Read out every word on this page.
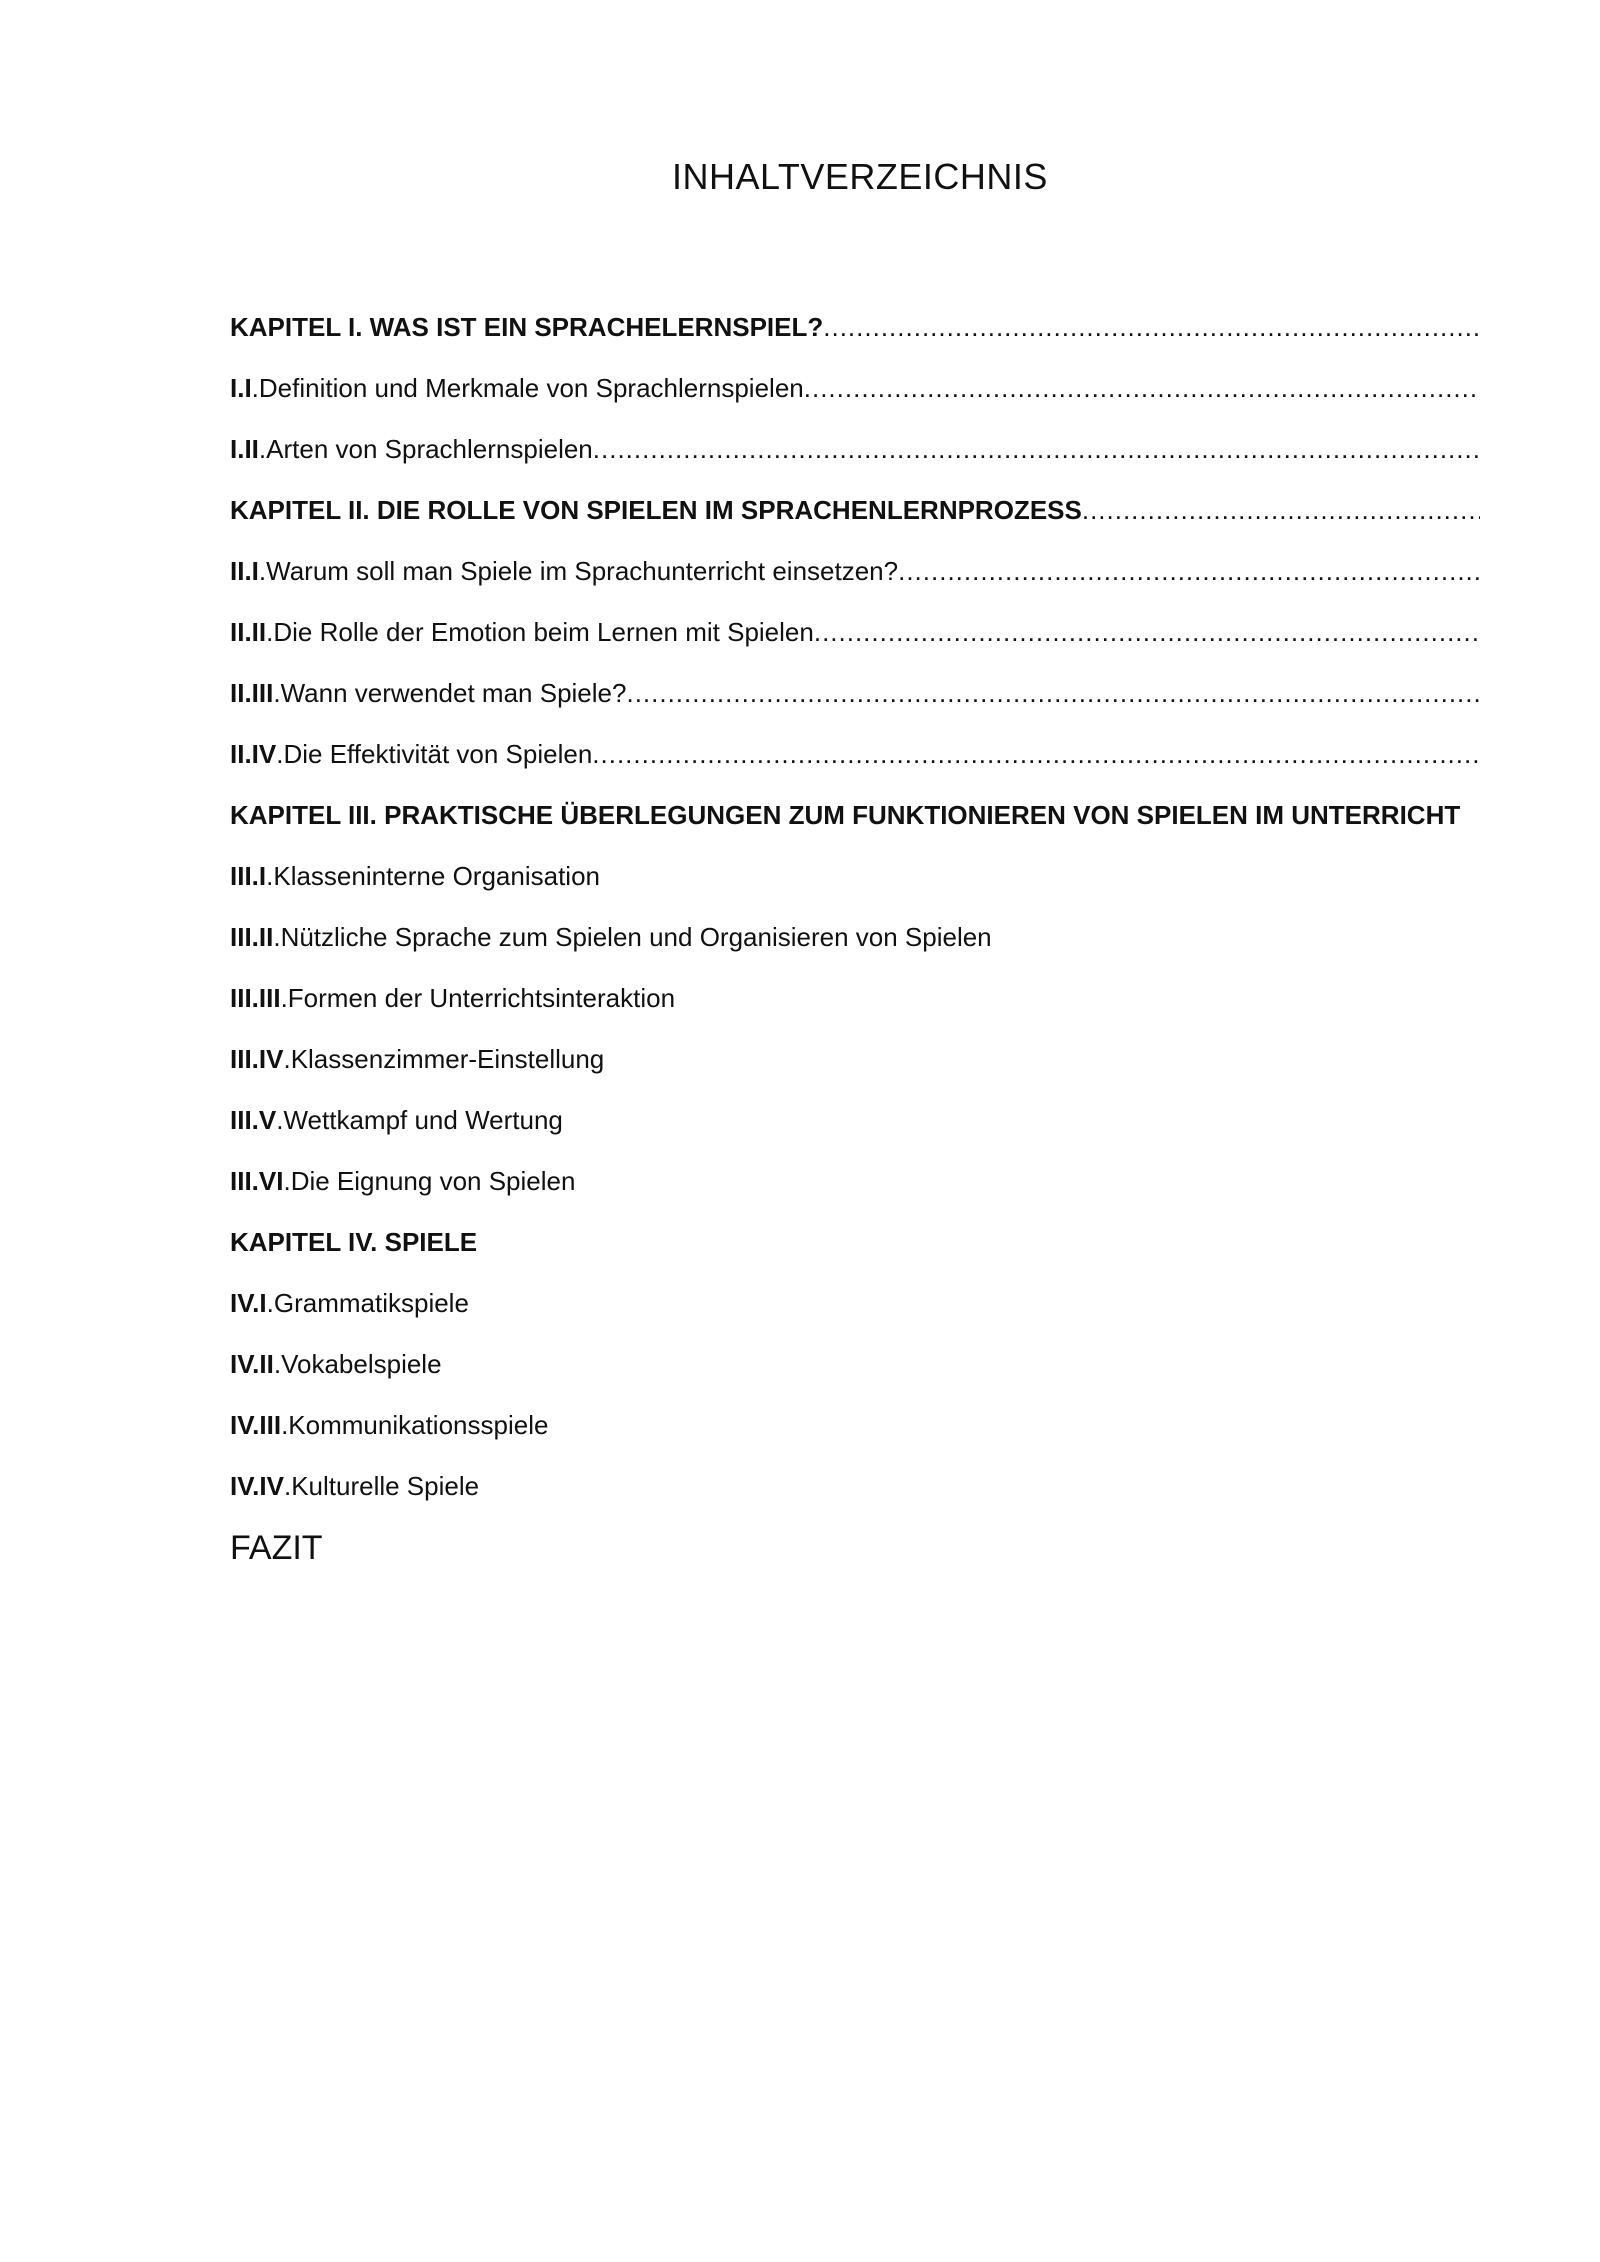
INHALTVERZEICHNIS
KAPITEL I. WAS IST EIN SPRACHELERNSPIEL?
.....
I.I .Definition und Merkmale von Sprachlernspielen
.....
I.II .Arten von Sprachlernspielen
.....
KAPITEL II. DIE ROLLE VON SPIELEN IM SPRACHENLERNPROZESS
.....
II.I .Warum soll man Spiele im Sprachunterricht einsetzen?
.....
II.II .Die Rolle der Emotion beim Lernen mit Spielen
.....
II.III .Wann verwendet man Spiele?
.....
II.IV .Die Effektivität von Spielen
.....
KAPITEL III. PRAKTISCHE ÜBERLEGUNGEN ZUM FUNKTIONIEREN VON SPIELEN IM UNTERRICHT
III.I .Klasseninterne Organisation
III.II .Nützliche Sprache zum Spielen und Organisieren von Spielen
III.III .Formen der Unterrichtsinteraktion
III.IV .Klassenzimmer-Einstellung
III.V .Wettkampf und Wertung
III.VI .Die Eignung von Spielen
KAPITEL IV. SPIELE
IV.I .Grammatikspiele
IV.II .Vokabelspiele
IV.III .Kommunikationsspiele
IV.IV .Kulturelle Spiele
FAZIT
